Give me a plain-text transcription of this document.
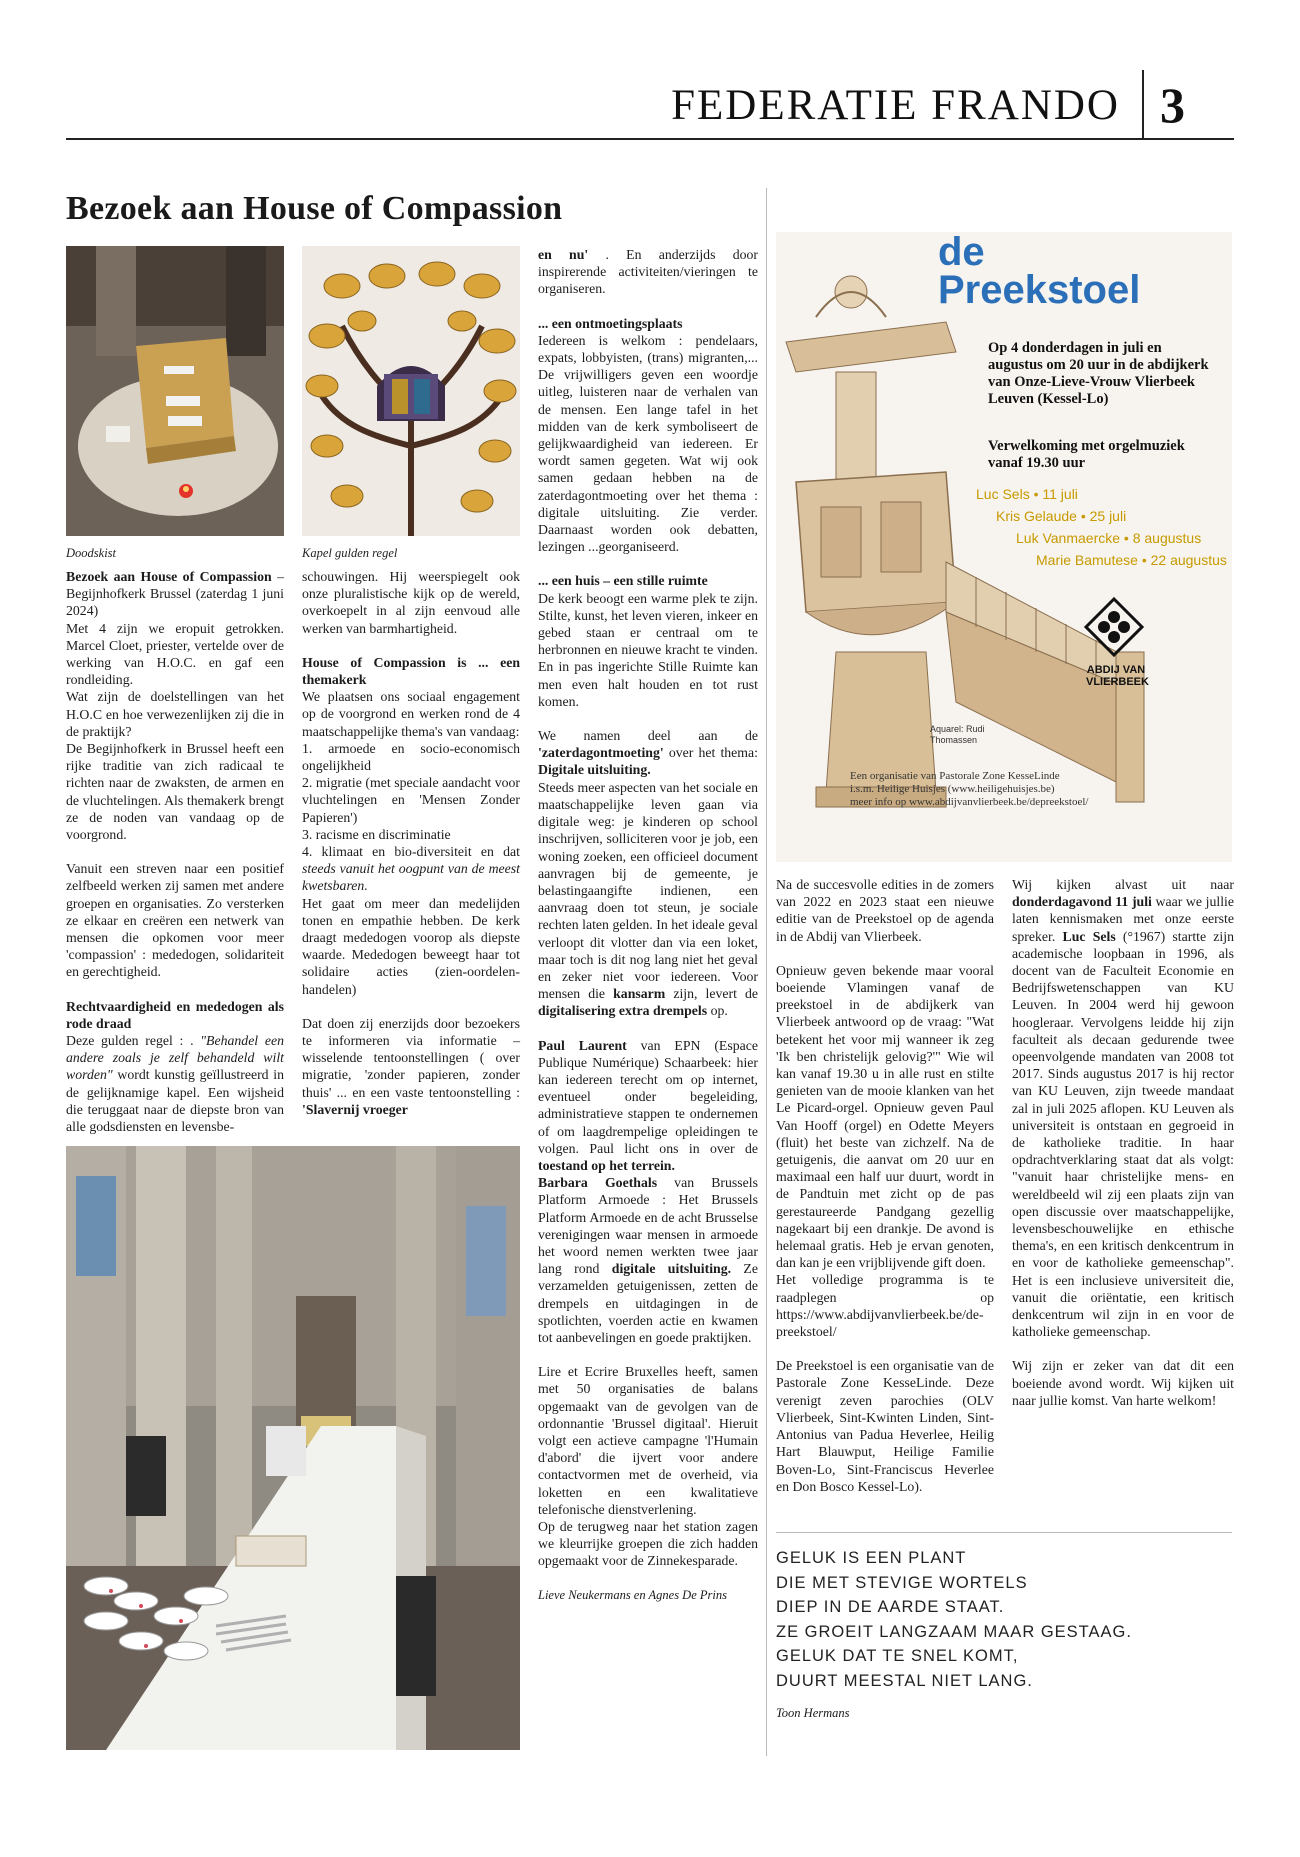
FEDERATIE FRANDO 3
Bezoek aan House of Compassion
Doodskist	Kapel gulden regel

Bezoek aan House of Compassion – Begijnhofkerk Brussel (zaterdag 1 juni 2024)
Met 4 zijn we eropuit getrokken. Marcel Cloet, priester, vertelde over de werking van H.O.C. en gaf een rondleiding.
Wat zijn de doelstellingen van het H.O.C en hoe verwezenlijken zij die in de praktijk?
De Begijnhofkerk in Brussel heeft een rijke traditie van zich radicaal te richten naar de zwaksten, de armen en de vluchtelingen. Als themakerk brengt ze de noden van vandaag op de voorgrond.

Vanuit een streven naar een positief zelfbeeld werken zij samen met andere groepen en organisaties. Zo versterken ze elkaar en creëren een netwerk van mensen die opkomen voor meer 'compassion' : mededogen, solidariteit en gerechtigheid.

Rechtvaardigheid en mededogen als rode draad
Deze gulden regel : . "Behandel een andere zoals je zelf behandeld wilt worden" wordt kunstig geïllustreerd in de gelijknamige kapel. Een wijsheid die teruggaat naar de diepste bron van alle godsdiensten en levensbe-

schouwingen. Hij weerspiegelt ook onze pluralistische kijk op de wereld, overkoepelt in al zijn eenvoud alle werken van barmhartigheid.

House of Compassion is ... een themakerk
We plaatsen ons sociaal engagement op de voorgrond en werken rond de 4 maatschappelijke thema's van vandaag:
1. armoede en socio-economisch ongelijkheid
2. migratie (met speciale aandacht voor vluchtelingen en 'Mensen Zonder Papieren')
3. racisme en discriminatie
4. klimaat en bio-diversiteit en dat steeds vanuit het oogpunt van de meest kwetsbaren.
Het gaat om meer dan medelijden tonen en empathie hebben. De kerk draagt mededogen voorop als diepste waarde. Mededogen beweegt haar tot solidaire acties (zien-oordelen-handelen)

Dat doen zij enerzijds door bezoekers te informeren via informatie –wisselende tentoonstellingen ( over migratie, 'zonder papieren, zonder thuis' ... en een vaste tentoonstelling : 'Slavernij vroeger

en nu' . En anderzijds door inspirerende activiteiten/vieringen te organiseren.

... een ontmoetingsplaats
Iedereen is welkom : pendelaars, expats, lobbyisten, (trans) migranten,... De vrijwilligers geven een woordje uitleg, luisteren naar de verhalen van de mensen. Een lange tafel in het midden van de kerk symboliseert de gelijkwaardigheid van iedereen. Er wordt samen gegeten. Wat wij ook samen gedaan hebben na de zaterdagontmoeting over het thema : digitale uitsluiting. Zie verder. Daarnaast worden ook debatten, lezingen ...georganiseerd.

... een huis – een stille ruimte
De kerk beoogt een warme plek te zijn. Stilte, kunst, het leven vieren, inkeer en gebed staan er centraal om te herbronnen en nieuwe kracht te vinden. En in pas ingerichte Stille Ruimte kan men even halt houden en tot rust komen.

We namen deel aan de 'zaterdagontmoeting' over het thema: Digitale uitsluiting.
Steeds meer aspecten van het sociale en maatschappelijke leven gaan via digitale weg: je kinderen op school inschrijven, solliciteren voor je job, een woning zoeken, een officieel document aanvragen bij de gemeente, je belastingaangifte indienen, een aanvraag doen tot steun, je sociale rechten laten gelden. In het ideale geval verloopt dit vlotter dan via een loket, maar toch is dit nog lang niet het geval en zeker niet voor iedereen. Voor mensen die kansarm zijn, levert de digitalisering extra drempels op.

Paul Laurent van EPN (Espace Publique Numérique) Schaarbeek: hier kan iedereen terecht om op internet, eventueel onder begeleiding, administratieve stappen te ondernemen of om laagdrempelige opleidingen te volgen. Paul licht ons in over de toestand op het terrein.
Barbara Goethals van Brussels Platform Armoede : Het Brussels Platform Armoede en de acht Brusselse verenigingen waar mensen in armoede het woord nemen werkten twee jaar lang rond digitale uitsluiting. Ze verzamelden getuigenissen, zetten de drempels en uitdagingen in de spotlichten, voerden actie en kwamen tot aanbevelingen en goede praktijken.

Lire et Ecrire Bruxelles heeft, samen met 50 organisaties de balans opgemaakt van de gevolgen van de ordonnantie 'Brussel digitaal'. Hieruit volgt een actieve campagne 'l'Humain d'abord' die ijvert voor andere contactvormen met de overheid, via loketten en een kwalitatieve telefonische dienstverlening.
Op de terugweg naar het station zagen we kleurrijke groepen die zich hadden opgemaakt voor de Zinnekesparade.

Lieve Neukermans en Agnes De Prins

de
Preekstoel
Op 4 donderdagen in juli en augustus om 20 uur in de abdijkerk van Onze-Lieve-Vrouw Vlierbeek Leuven (Kessel-Lo)
Verwelkoming met orgelmuziek vanaf 19.30 uur
Luc Sels • 11 juli
Kris Gelaude • 25 juli
Luk Vanmaercke • 8 augustus
Marie Bamutese • 22 augustus
Aquarel: Rudi Thomassen
ABDIJ VAN
VLIERBEEK
Een organisatie van Pastorale Zone KesseLinde
i.s.m. Heilige Huisjes (www.heiligehuisjes.be)
meer info op www.abdijvanvlierbeek.be/depreekstoel/

Na de succesvolle edities in de zomers van 2022 en 2023 staat een nieuwe editie van de Preekstoel op de agenda in de Abdij van Vlierbeek.

Opnieuw geven bekende maar vooral boeiende Vlamingen vanaf de preekstoel in de abdijkerk van Vlierbeek antwoord op de vraag: "Wat betekent het voor mij wanneer ik zeg 'Ik ben christelijk gelovig?'" Wie wil kan vanaf 19.30 u in alle rust en stilte genieten van de mooie klanken van het Le Picard-orgel. Opnieuw geven Paul Van Hooff (orgel) en Odette Meyers (fluit) het beste van zichzelf. Na de getuigenis, die aanvat om 20 uur en maximaal een half uur duurt, wordt in de Pandtuin met zicht op de pas gerestaureerde Pandgang gezellig nagekaart bij een drankje. De avond is helemaal gratis. Heb je ervan genoten, dan kan je een vrijblijvende gift doen.

Het volledige programma is te raadplegen op https://www.abdijvanvlierbeek.be/de-preekstoel/

De Preekstoel is een organisatie van de Pastorale Zone KesseLinde. Deze verenigt zeven parochies (OLV Vlierbeek, Sint-Kwinten Linden, Sint-Antonius van Padua Heverlee, Heilig Hart Blauwput, Heilige Familie Boven-Lo, Sint-Franciscus Heverlee en Don Bosco Kessel-Lo).

Wij kijken alvast uit naar donderdagavond 11 juli waar we jullie laten kennismaken met onze eerste spreker. Luc Sels (°1967) startte zijn academische loopbaan in 1996, als docent van de Faculteit Economie en Bedrijfswetenschappen van KU Leuven. In 2004 werd hij gewoon hoogleraar. Vervolgens leidde hij zijn faculteit als decaan gedurende twee opeenvolgende mandaten van 2008 tot 2017. Sinds augustus 2017 is hij rector van KU Leuven, zijn tweede mandaat zal in juli 2025 aflopen. KU Leuven als universiteit is ontstaan en gegroeid in de katholieke traditie. In haar opdrachtverklaring staat dat als volgt: "vanuit haar christelijke mens- en wereldbeeld wil zij een plaats zijn van open discussie over maatschappelijke, levensbeschouwelijke en ethische thema's, en een kritisch denkcentrum in en voor de katholieke gemeenschap". Het is een inclusieve universiteit die, vanuit die oriëntatie, een kritisch denkcentrum wil zijn in en voor de katholieke gemeenschap.

Wij zijn er zeker van dat dit een boeiende avond wordt. Wij kijken uit naar jullie komst. Van harte welkom!

GELUK IS EEN PLANT
DIE MET STEVIGE WORTELS
DIEP IN DE AARDE STAAT.
ZE GROEIT LANGZAAM MAAR GESTAAG.
GELUK DAT TE SNEL KOMT,
DUURT MEESTAL NIET LANG.
Toon Hermans
